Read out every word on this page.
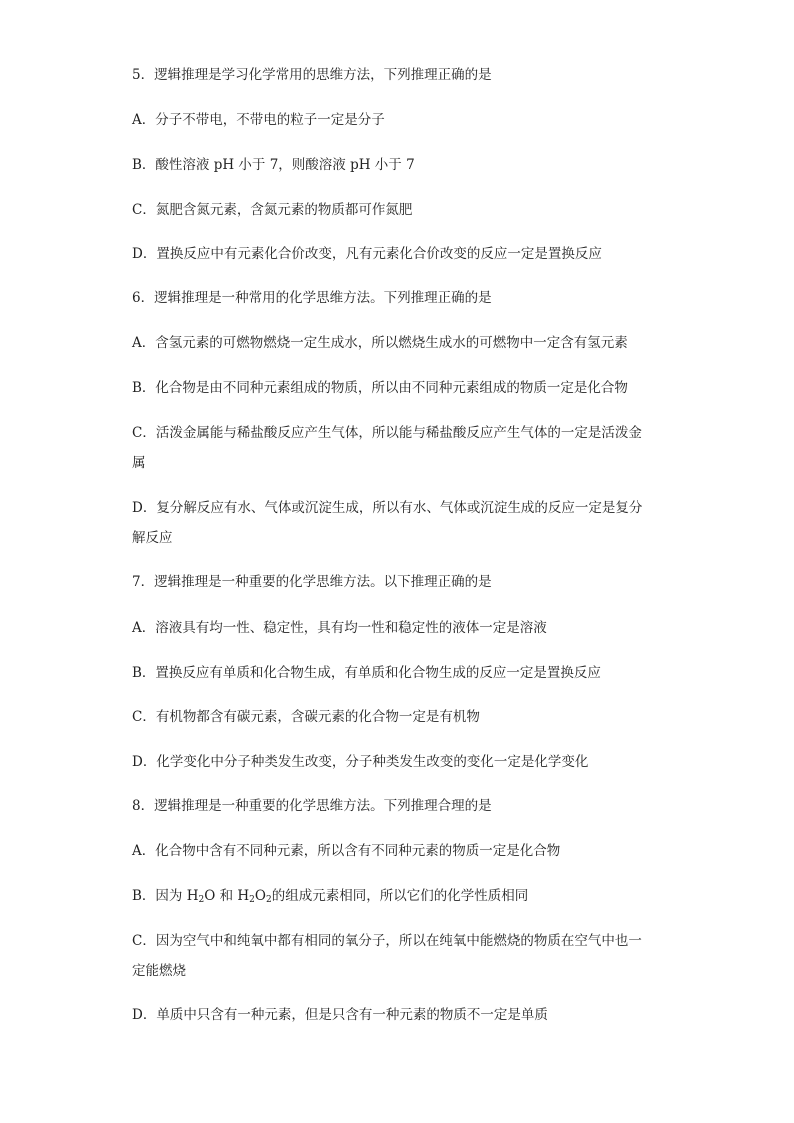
5．逻辑推理是学习化学常用的思维方法，下列推理正确的是
A．分子不带电，不带电的粒子一定是分子
B．酸性溶液 pH 小于 7，则酸溶液 pH 小于 7
C．氮肥含氮元素，含氮元素的物质都可作氮肥
D．置换反应中有元素化合价改变，凡有元素化合价改变的反应一定是置换反应
6．逻辑推理是一种常用的化学思维方法。下列推理正确的是
A．含氢元素的可燃物燃烧一定生成水，所以燃烧生成水的可燃物中一定含有氢元素
B．化合物是由不同种元素组成的物质，所以由不同种元素组成的物质一定是化合物
C．活泼金属能与稀盐酸反应产生气体，所以能与稀盐酸反应产生气体的一定是活泼金
属
D．复分解反应有水、气体或沉淀生成，所以有水、气体或沉淀生成的反应一定是复分
解反应
7．逻辑推理是一种重要的化学思维方法。以下推理正确的是
A．溶液具有均一性、稳定性，具有均一性和稳定性的液体一定是溶液
B．置换反应有单质和化合物生成，有单质和化合物生成的反应一定是置换反应
C．有机物都含有碳元素，含碳元素的化合物一定是有机物
D．化学变化中分子种类发生改变，分子种类发生改变的变化一定是化学变化
8．逻辑推理是一种重要的化学思维方法。下列推理合理的是
A．化合物中含有不同种元素，所以含有不同种元素的物质一定是化合物
B．因为 $H_2O$ 和 $H_2O_2$的组成元素相同，所以它们的化学性质相同
C．因为空气中和纯氧中都有相同的氧分子，所以在纯氧中能燃烧的物质在空气中也一
定能燃烧
D．单质中只含有一种元素，但是只含有一种元素的物质不一定是单质
